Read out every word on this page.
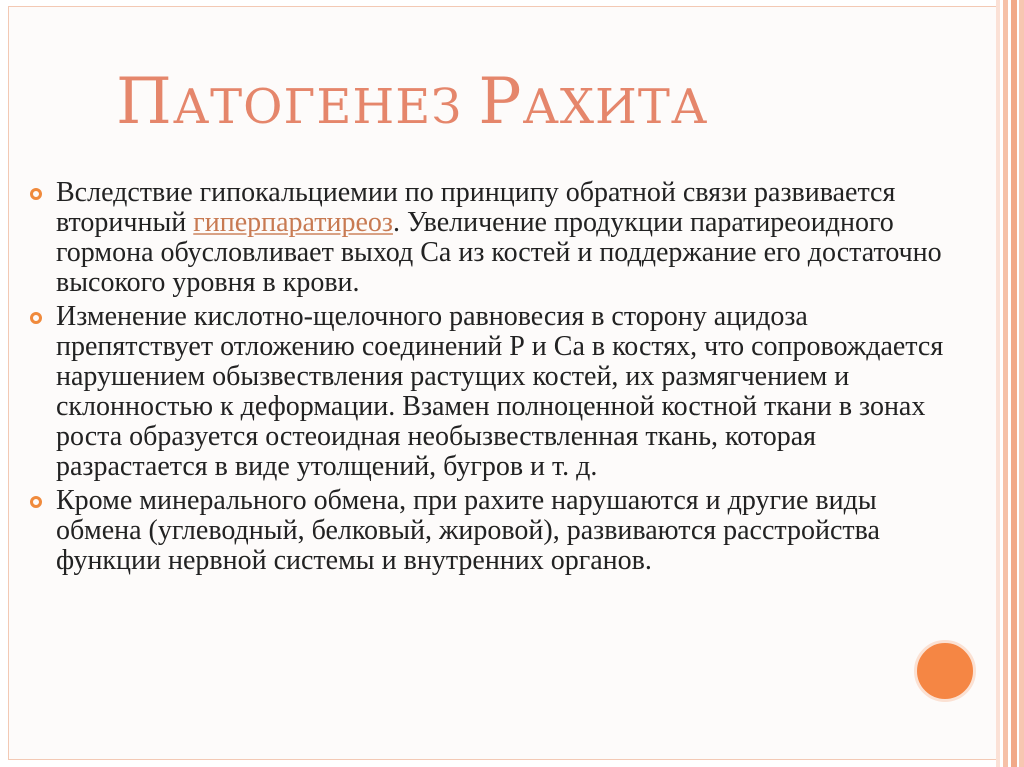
ПАТОГЕНЕЗ РАХИТА
Вследствие гипокальциемии по принципу обратной связи развивается вторичный гиперпаратиреоз. Увеличение продукции паратиреоидного гормона обусловливает выход Са из костей и поддержание его достаточно высокого уровня в крови.
Изменение кислотно-щелочного равновесия в сторону ацидоза препятствует отложению соединений Р и Са в костях, что сопровождается нарушением обызвествления растущих костей, их размягчением и склонностью к деформации. Взамен полноценной костной ткани в зонах роста образуется остеоидная необызвествленная ткань, которая разрастается в виде утолщений, бугров и т. д.
Кроме минерального обмена, при рахите нарушаются и другие виды обмена (углеводный, белковый, жировой), развиваются расстройства функции нервной системы и внутренних органов.
